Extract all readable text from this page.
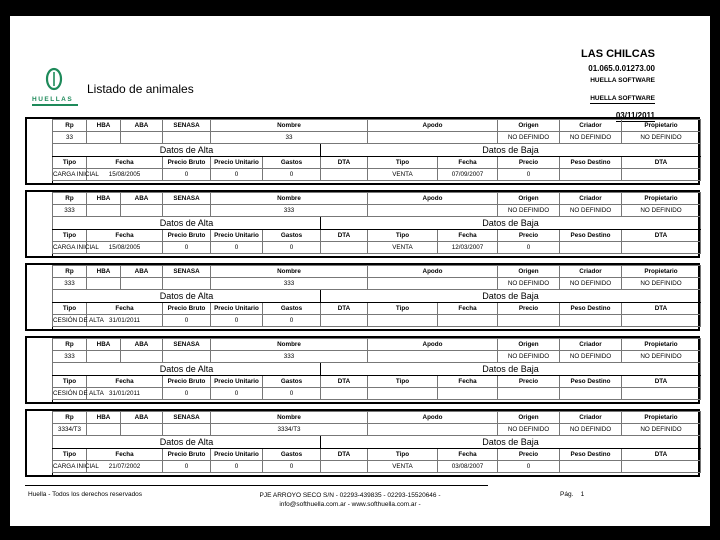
HUELLAS
Listado de animales
LAS CHILCAS
01.065.0.01273.00
HUELLA SOFTWARE
HUELLA SOFTWARE
03/11/2011
Rp	HBA	ABA	SENASA	Nombre			Apodo		Origen	Criador	Propietario
33				33					NO DEFINIDO	NO DEFINIDO	NO DEFINIDO
Datos de Alta						Datos de Baja					
Tipo	Fecha		Precio Bruto	Precio Unitario	Gastos	DTA	Tipo	Fecha	Precio	Peso Destino	DTA
CARGA INICIAL	15/08/2005		0	0	0		VENTA	07/09/2007	0		
Rp	HBA	ABA	SENASA	Nombre			Apodo		Origen	Criador	Propietario
333				333					NO DEFINIDO	NO DEFINIDO	NO DEFINIDO
Datos de Alta						Datos de Baja					
Tipo	Fecha		Precio Bruto	Precio Unitario	Gastos	DTA	Tipo	Fecha	Precio	Peso Destino	DTA
CARGA INICIAL	15/08/2005		0	0	0		VENTA	12/03/2007	0		
Rp	HBA	ABA	SENASA	Nombre			Apodo		Origen	Criador	Propietario
333				333					NO DEFINIDO	NO DEFINIDO	NO DEFINIDO
Datos de Alta						Datos de Baja					
Tipo	Fecha		Precio Bruto	Precio Unitario	Gastos	DTA	Tipo	Fecha	Precio	Peso Destino	DTA
CESIÓN DE ALTA	31/01/2011		0	0	0						
Rp	HBA	ABA	SENASA	Nombre			Apodo		Origen	Criador	Propietario
333				333					NO DEFINIDO	NO DEFINIDO	NO DEFINIDO
Datos de Alta						Datos de Baja					
Tipo	Fecha		Precio Bruto	Precio Unitario	Gastos	DTA	Tipo	Fecha	Precio	Peso Destino	DTA
CESIÓN DE ALTA	31/01/2011		0	0	0						
Rp	HBA	ABA	SENASA	Nombre			Apodo		Origen	Criador	Propietario
3334/T3				3334/T3					NO DEFINIDO	NO DEFINIDO	NO DEFINIDO
Datos de Alta						Datos de Baja					
Tipo	Fecha		Precio Bruto	Precio Unitario	Gastos	DTA	Tipo	Fecha	Precio	Peso Destino	DTA
CARGA INICIAL	21/07/2002		0	0	0		VENTA	03/08/2007	0		
Huella - Todos los derechos reservados	PJE ARROYO SECO S/N - 02293-439835 - 02293-15520646 -
info@softhuella.com.ar - www.softhuella.com.ar -
Pág. 1
